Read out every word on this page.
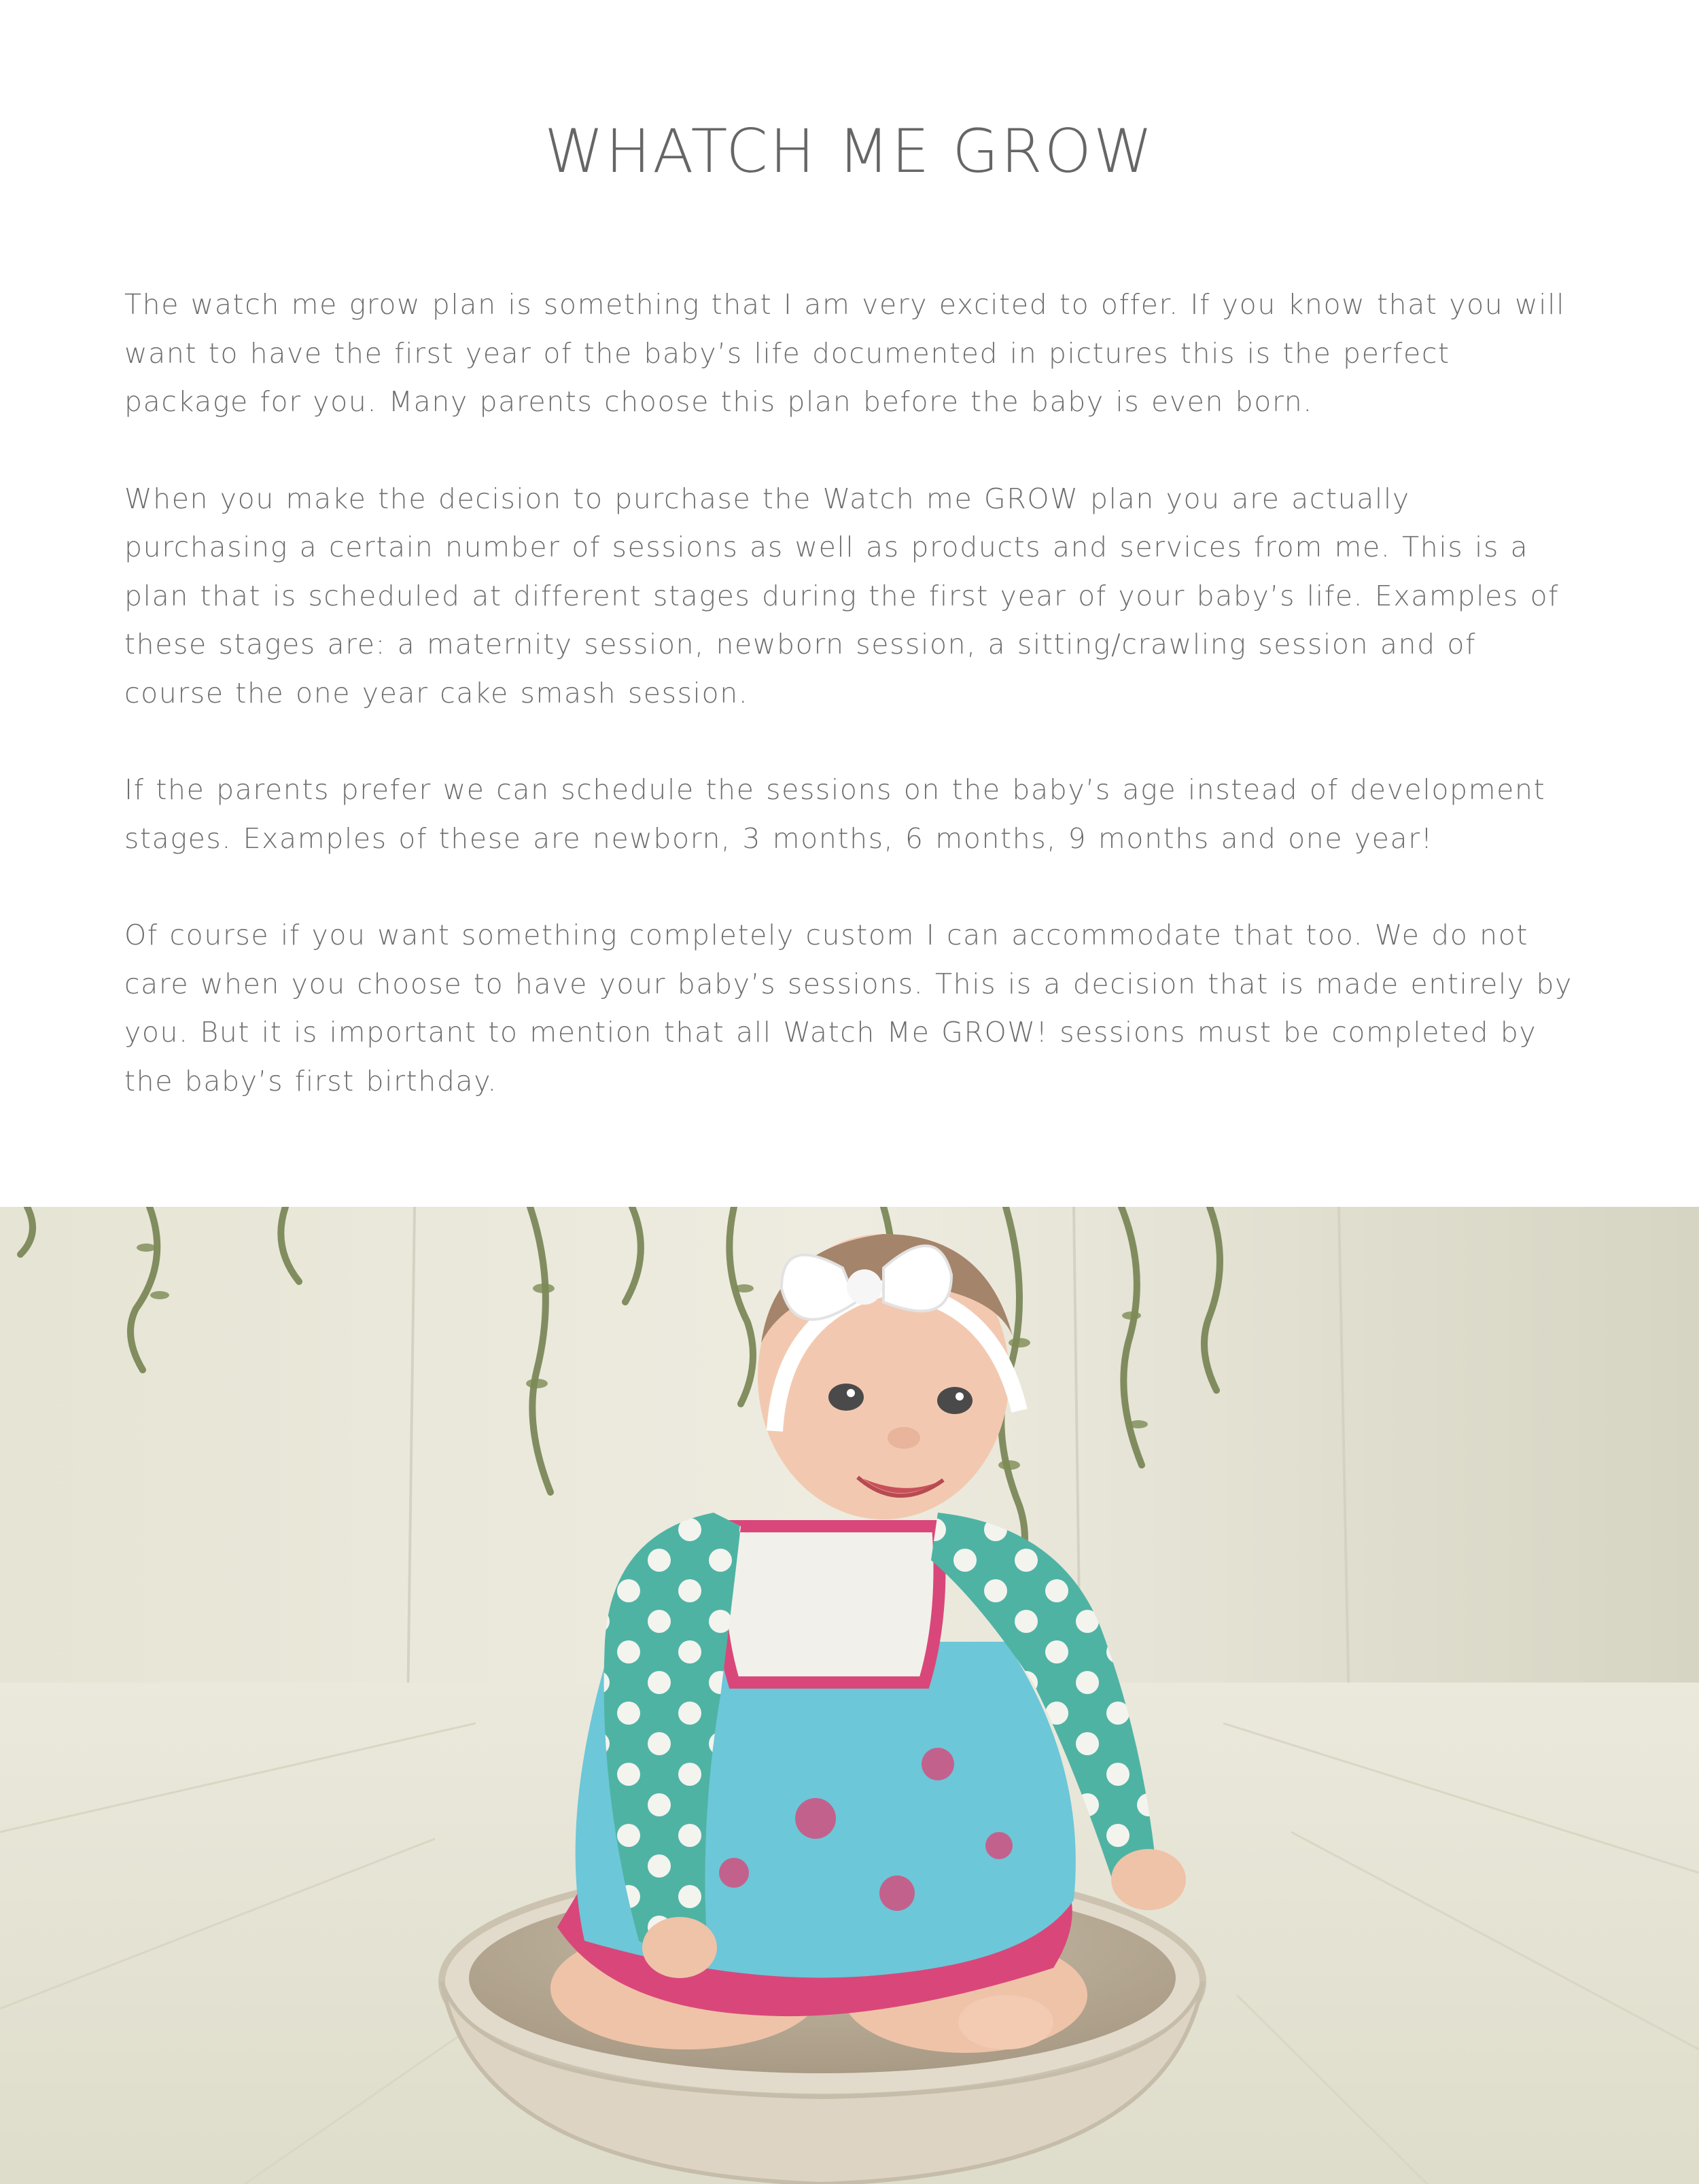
WHATCH ME GROW

The watch me grow plan is something that I am very excited to offer. If you know that you will want to have the first year of the baby’s life documented in pictures this is the perfect package for you. Many parents choose this plan before the baby is even born.

When you make the decision to purchase the Watch me GROW plan you are actually purchasing a certain number of sessions as well as products and services from me. This is a plan that is scheduled at different stages during the first year of your baby’s life. Examples of these stages are: a maternity session, newborn session, a sitting/crawling session and of course the one year cake smash session.

If the parents prefer we can schedule the sessions on the baby’s age instead of development stages. Examples of these are newborn, 3 months, 6 months, 9 months and one year!

Of course if you want something completely custom I can accommodate that too. We do not care when you choose to have your baby’s sessions. This is a decision that is made entirely by you. But it is important to mention that all Watch Me GROW! sessions must be completed by the baby’s first birthday.
